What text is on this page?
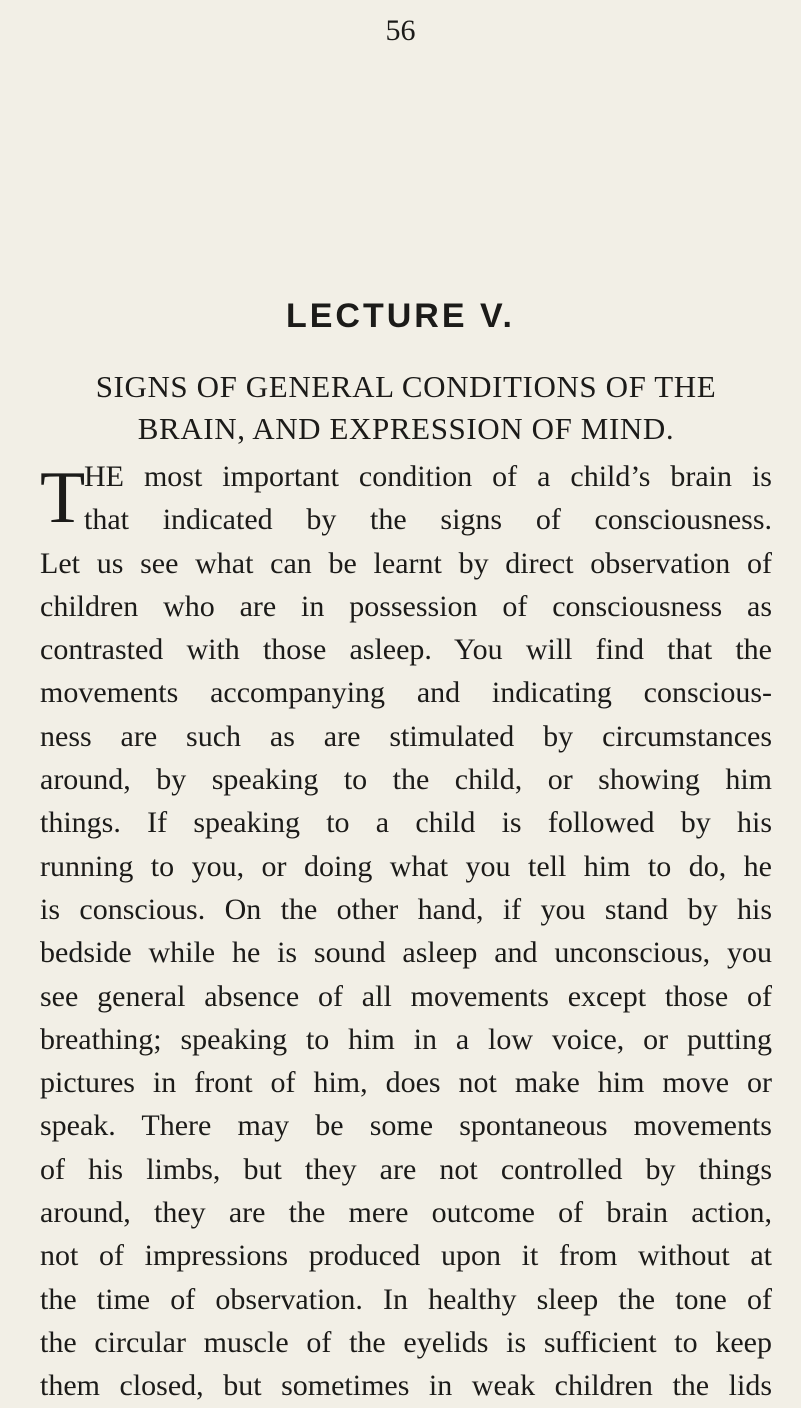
56
LECTURE V.
SIGNS OF GENERAL CONDITIONS OF THE
BRAIN, AND EXPRESSION OF MIND.
T
HE most important condition of a child’s brain is
that indicated by the signs of consciousness.
Let us see what can be learnt by direct observation of
children who are in possession of consciousness as
contrasted with those asleep. You will find that the
movements accompanying and indicating conscious-
ness are such as are stimulated by circumstances
around, by speaking to the child, or showing him
things. If speaking to a child is followed by his
running to you, or doing what you tell him to do, he
is conscious. On the other hand, if you stand by his
bedside while he is sound asleep and unconscious, you
see general absence of all movements except those of
breathing; speaking to him in a low voice, or putting
pictures in front of him, does not make him move or
speak. There may be some spontaneous movements
of his limbs, but they are not controlled by things
around, they are the mere outcome of brain action,
not of impressions produced upon it from without at
the time of observation. In healthy sleep the tone of
the circular muscle of the eyelids is sufficient to keep
them closed, but sometimes in weak children the lids
